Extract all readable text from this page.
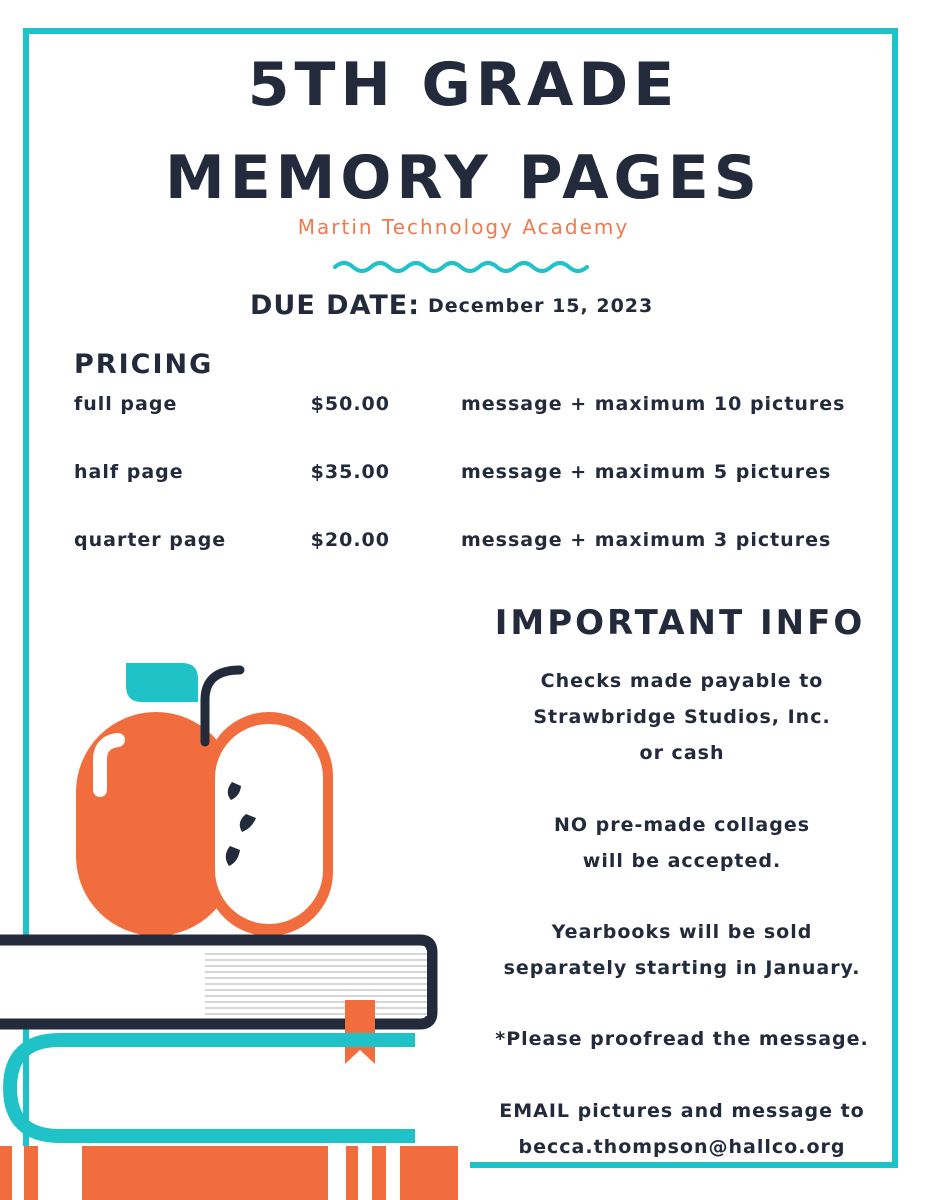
5TH GRADE
MEMORY PAGES
Martin Technology Academy
DUE DATE: December 15, 2023
PRICING
full page	$50.00	message + maximum 10 pictures
half page	$35.00	message + maximum 5 pictures
quarter page	$20.00	message + maximum 3 pictures
IMPORTANT INFO

Checks made payable to

Strawbridge Studios, Inc.

or cash

NO pre-made collages

will be accepted.

Yearbooks will be sold

separately starting in January.

*Please proofread the message.

EMAIL pictures and message to

becca.thompson@hallco.org
